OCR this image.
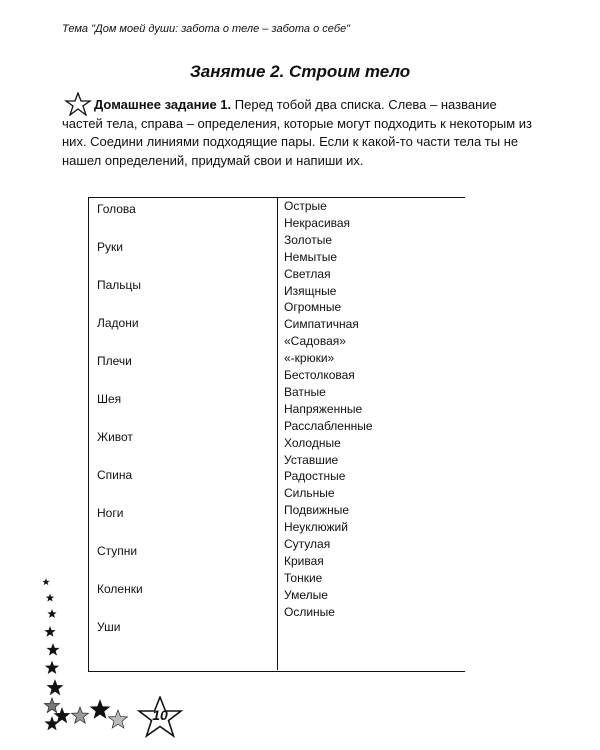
Тема "Дом моей души: забота о теле – забота о себе"
Занятие 2. Строим тело
Домашнее задание 1. Перед тобой два списка. Слева – название частей тела, справа – определения, которые могут подходить к некоторым из них. Соедини линиями подходящие пары. Если к какой-то части тела ты не нашел определений, придумай свои и напиши их.
Голова
Руки
Пальцы
Ладони
Плечи
Шея
Живот
Спина
Ноги
Ступни
Коленки
Уши
Острые
Некрасивая
Золотые
Немытые
Светлая
Изящные
Огромные
Симпатичная
«Садовая»
«-крюки»
Бестолковая
Ватные
Напряженные
Расслабленные
Холодные
Уставшие
Радостные
Сильные
Подвижные
Неуклюжий
Сутулая
Кривая
Тонкие
Умелые
Ослиные
10
